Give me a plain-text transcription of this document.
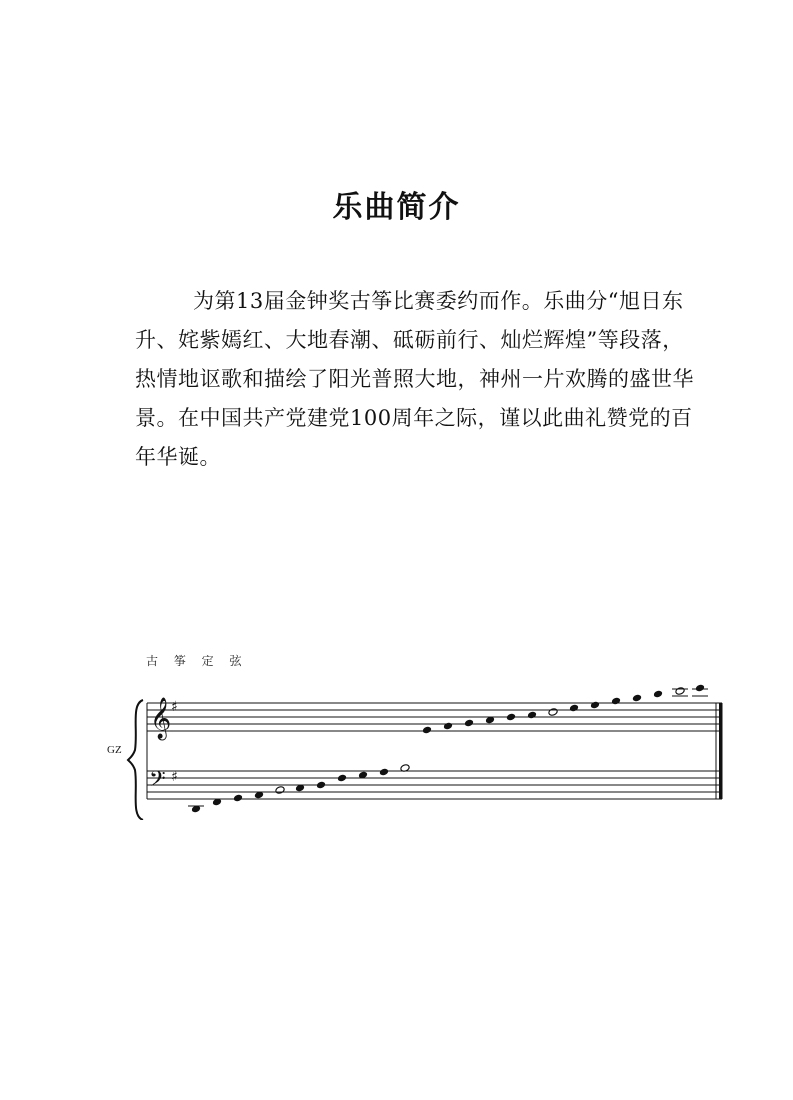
乐曲简介

为第13届金钟奖古筝比赛委约而作。乐曲分“旭日东升、姹紫嫣红、大地春潮、砥砺前行、灿烂辉煌”等段落，热情地讴歌和描绘了阳光普照大地，神州一片欢腾的盛世华景。在中国共产党建党100周年之际，谨以此曲礼赞党的百年华诞。

古 筝 定 弦
GZ
𝄞 ♯
𝄢 ♯
